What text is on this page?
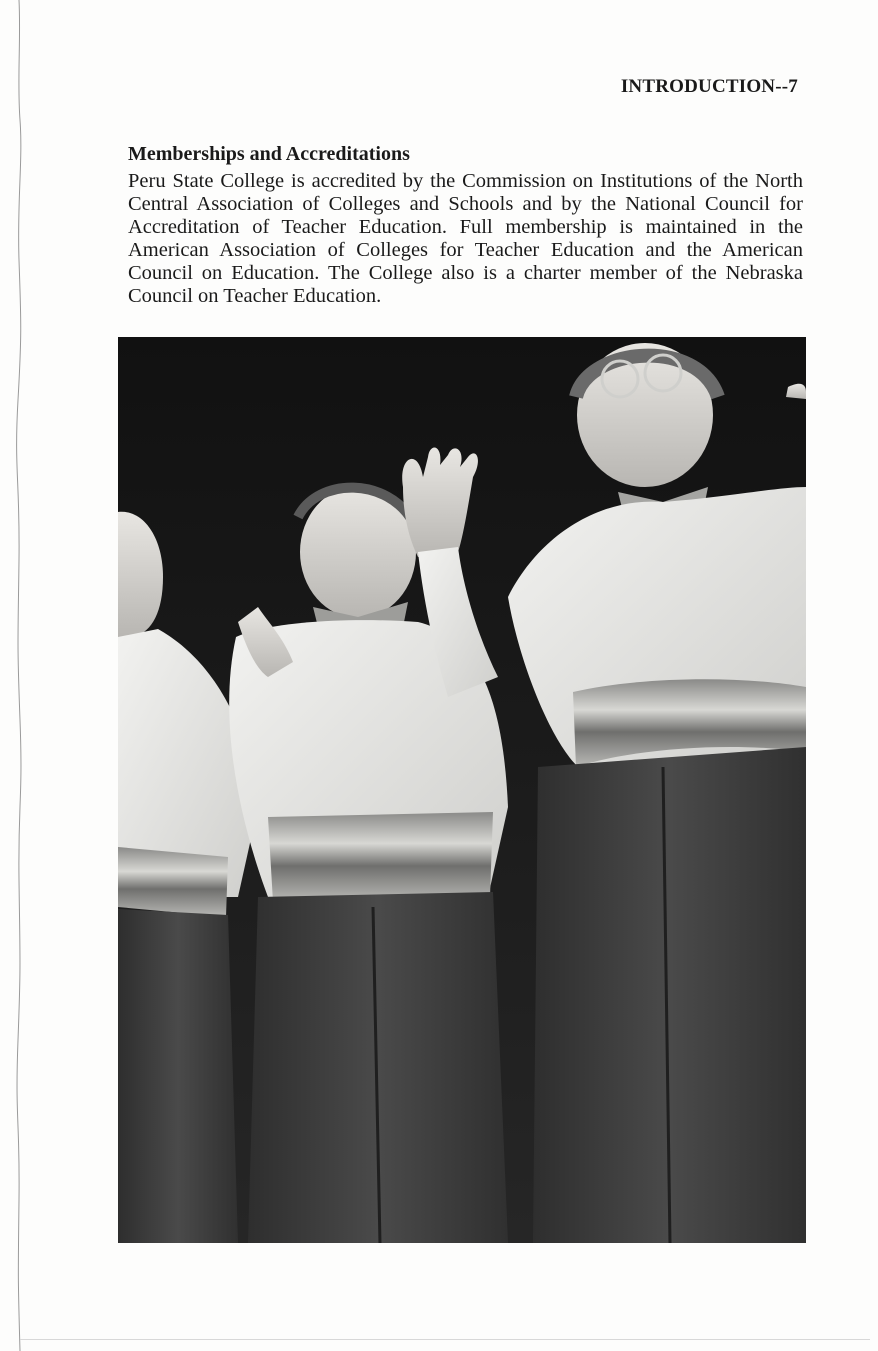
INTRODUCTION--7
Memberships and Accreditations

Peru State College is accredited by the Commission on Institutions of the North Central Association of Colleges and Schools and by the National Council for Accreditation of Teacher Education. Full membership is maintained in the American Association of Colleges for Teacher Education and the American Council on Education. The College also is a charter member of the Nebraska Council on Teacher Education.
